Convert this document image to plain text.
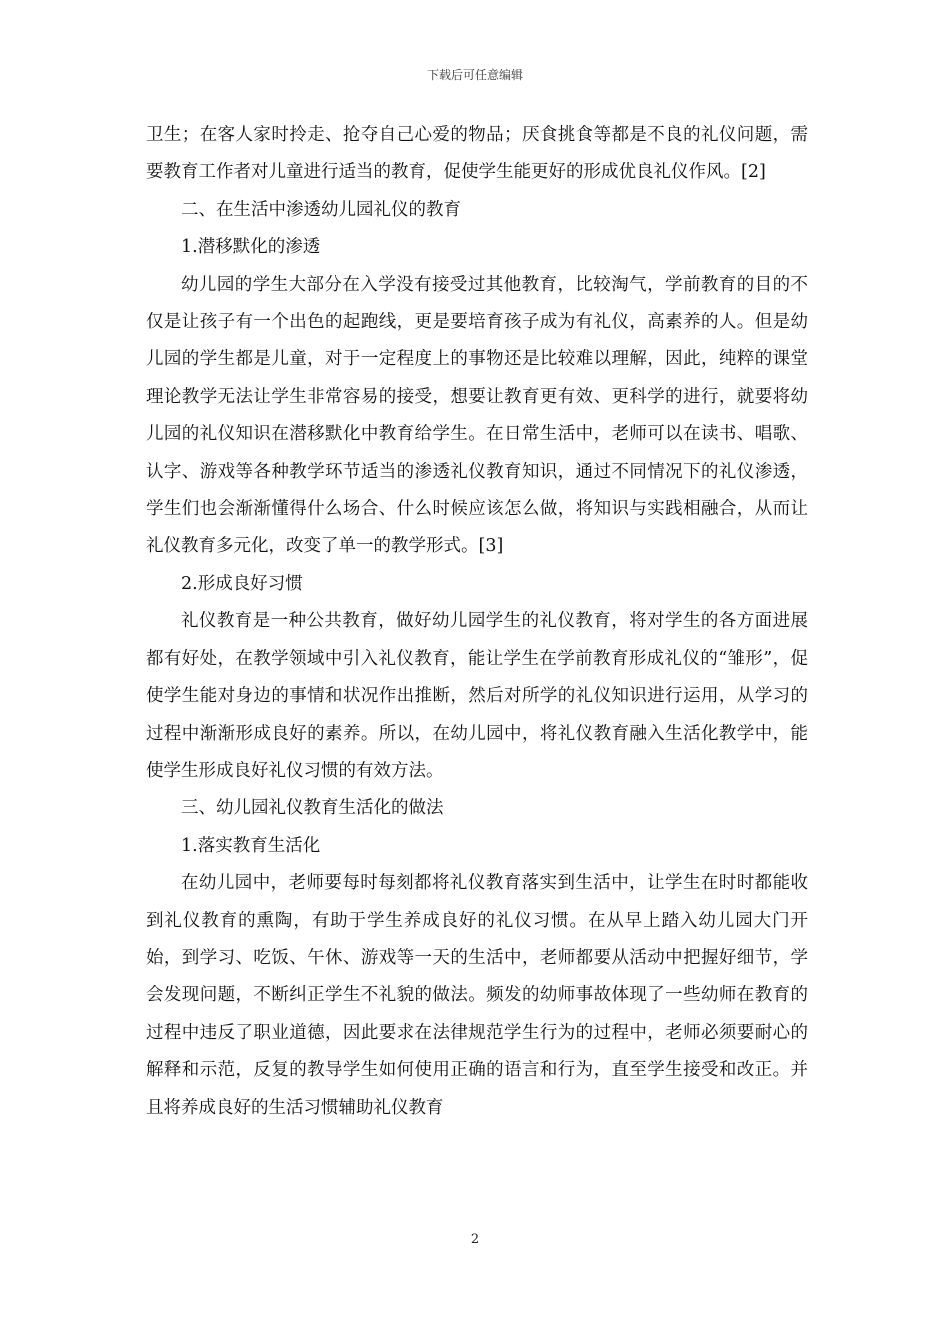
下载后可任意编辑

卫生；在客人家时拎走、抢夺自己心爱的物品；厌食挑食等都是不良的礼仪问题，需要教育工作者对儿童进行适当的教育，促使学生能更好的形成优良礼仪作风。[2]

二、在生活中渗透幼儿园礼仪的教育

1.潜移默化的渗透

幼儿园的学生大部分在入学没有接受过其他教育，比较淘气，学前教育的目的不仅是让孩子有一个出色的起跑线，更是要培育孩子成为有礼仪，高素养的人。但是幼儿园的学生都是儿童，对于一定程度上的事物还是比较难以理解，因此，纯粹的课堂理论教学无法让学生非常容易的接受，想要让教育更有效、更科学的进行，就要将幼儿园的礼仪知识在潜移默化中教育给学生。在日常生活中，老师可以在读书、唱歌、认字、游戏等各种教学环节适当的渗透礼仪教育知识，通过不同情况下的礼仪渗透，学生们也会渐渐懂得什么场合、什么时候应该怎么做，将知识与实践相融合，从而让礼仪教育多元化，改变了单一的教学形式。[3]

2.形成良好习惯

礼仪教育是一种公共教育，做好幼儿园学生的礼仪教育，将对学生的各方面进展都有好处，在教学领域中引入礼仪教育，能让学生在学前教育形成礼仪的“雏形”，促使学生能对身边的事情和状况作出推断，然后对所学的礼仪知识进行运用，从学习的过程中渐渐形成良好的素养。所以，在幼儿园中，将礼仪教育融入生活化教学中，能使学生形成良好礼仪习惯的有效方法。

三、幼儿园礼仪教育生活化的做法

1.落实教育生活化

在幼儿园中，老师要每时每刻都将礼仪教育落实到生活中，让学生在时时都能收到礼仪教育的熏陶，有助于学生养成良好的礼仪习惯。在从早上踏入幼儿园大门开始，到学习、吃饭、午休、游戏等一天的生活中，老师都要从活动中把握好细节，学会发现问题，不断纠正学生不礼貌的做法。频发的幼师事故体现了一些幼师在教育的过程中违反了职业道德，因此要求在法律规范学生行为的过程中，老师必须要耐心的解释和示范，反复的教导学生如何使用正确的语言和行为，直至学生接受和改正。并且将养成良好的生活习惯辅助礼仪教育

2
